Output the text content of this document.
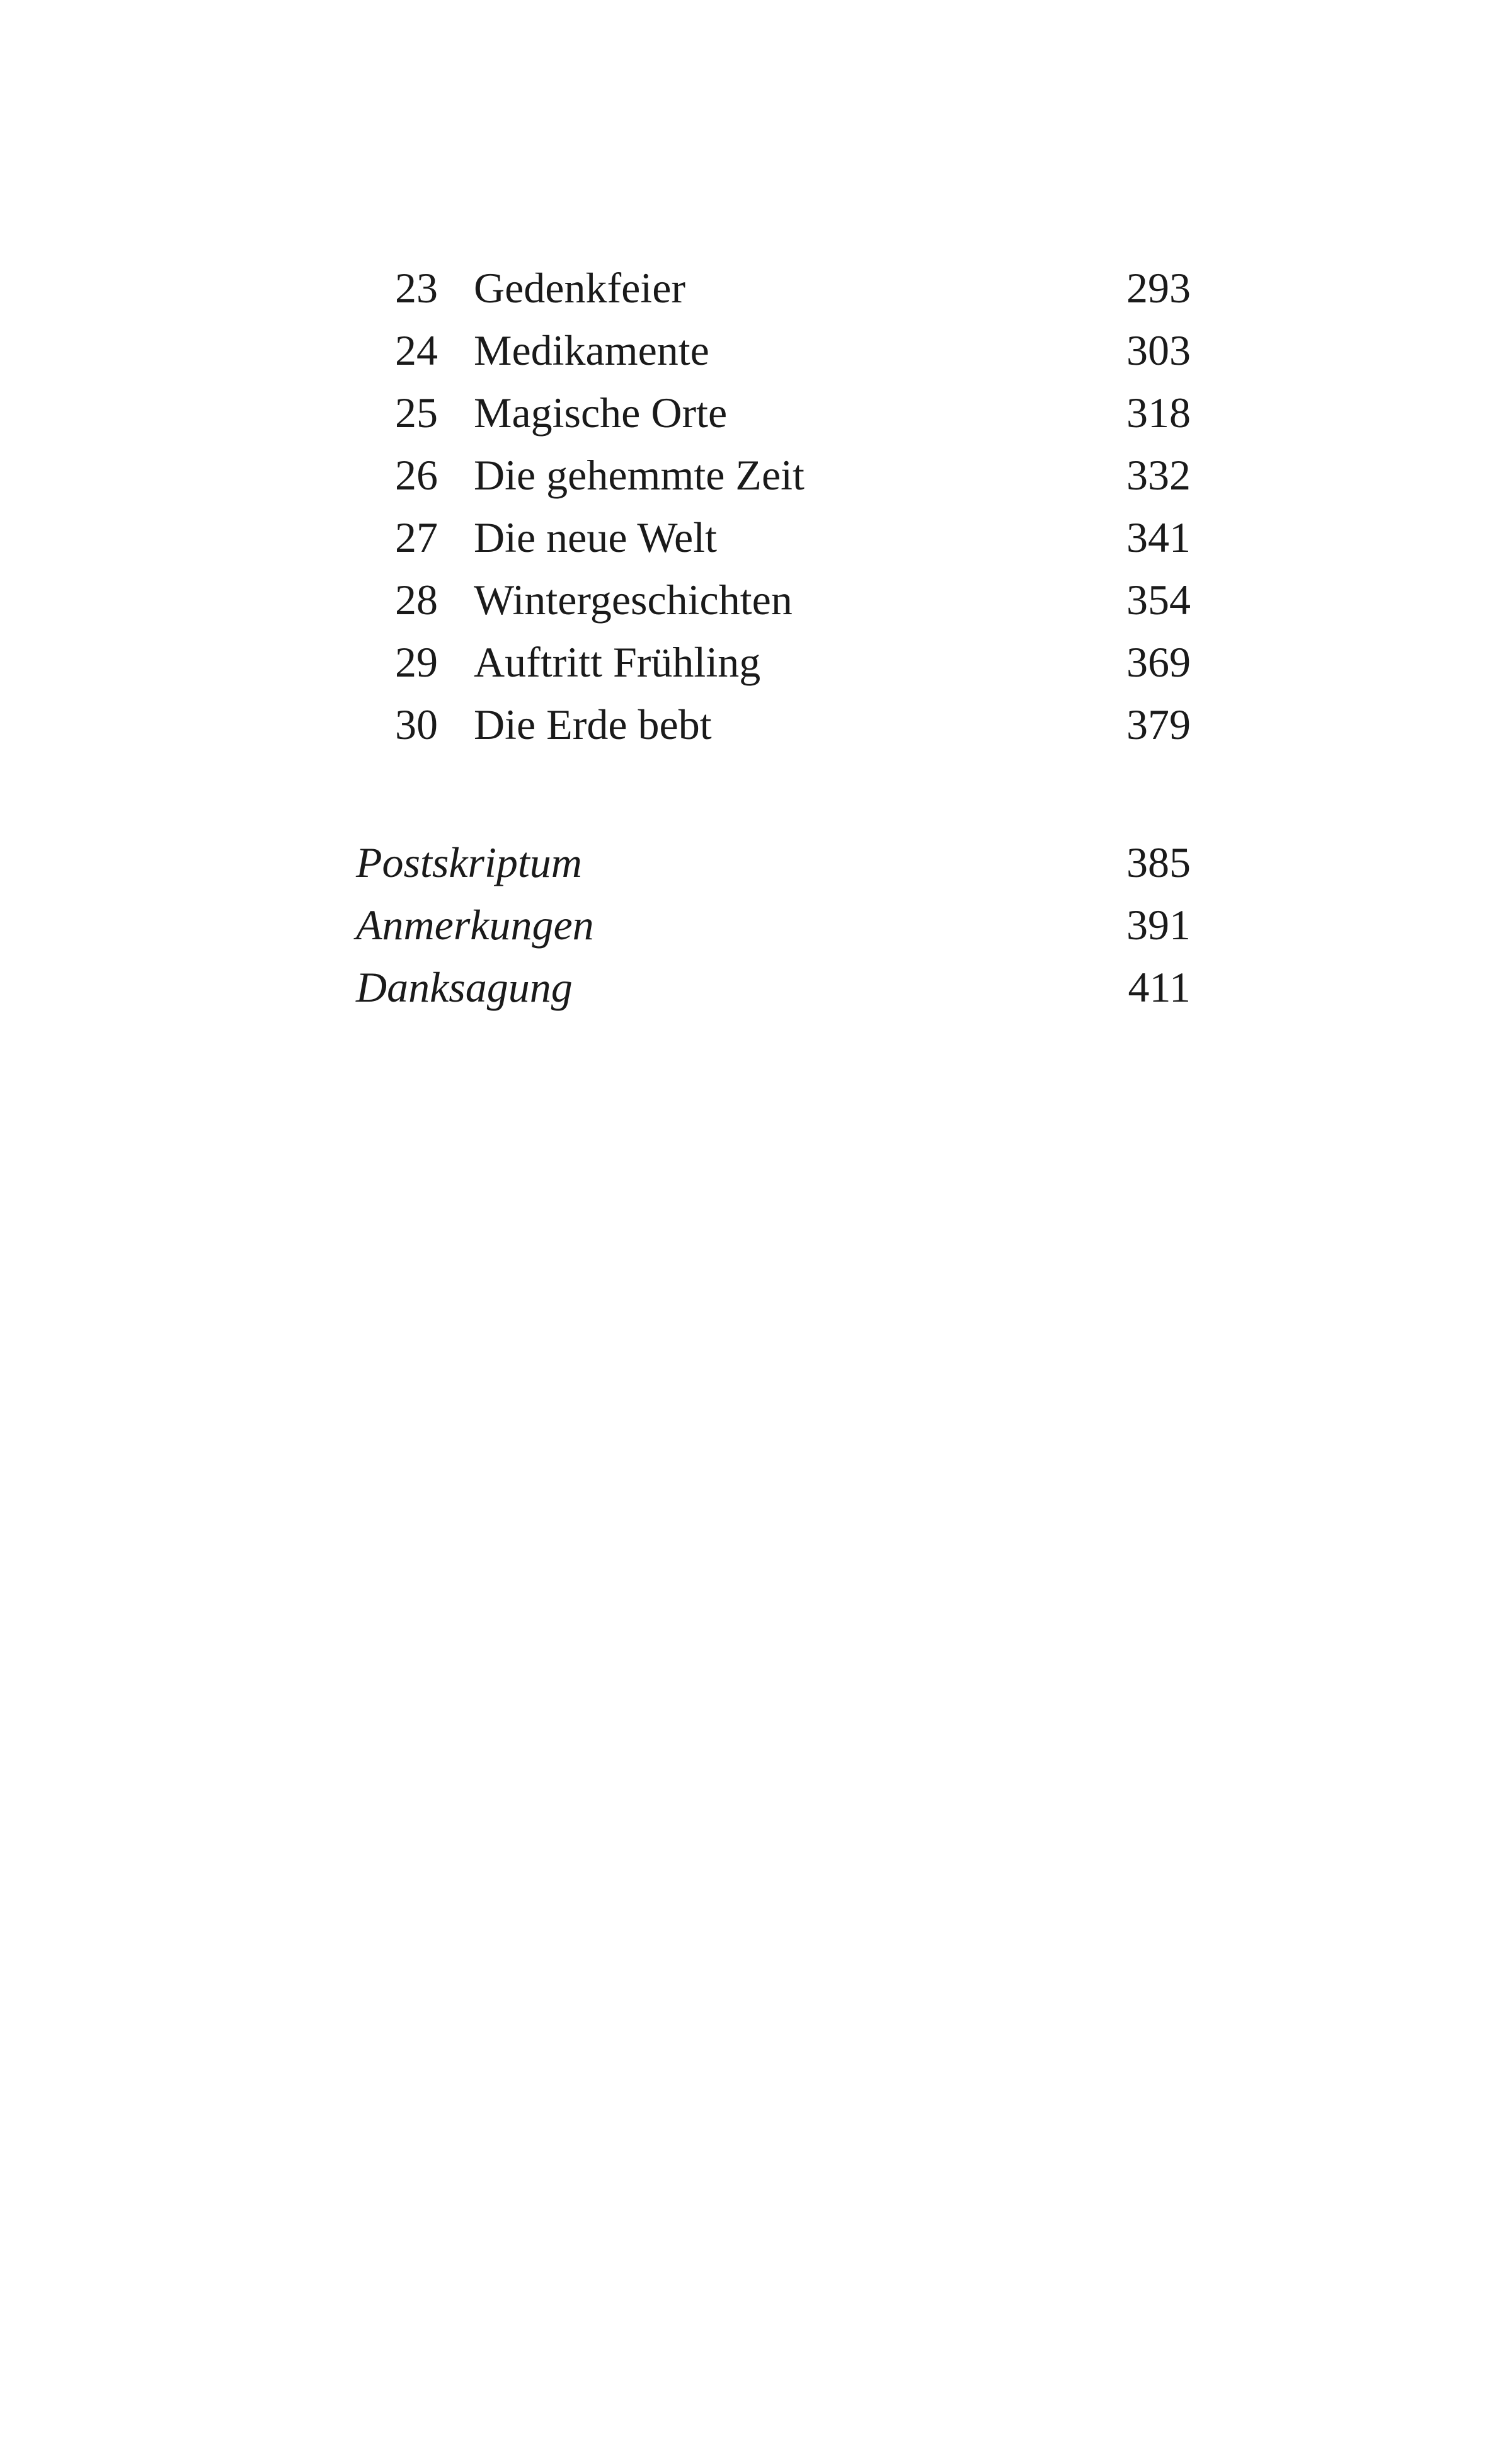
23 Gedenkfeier	293
24 Medikamente	303
25 Magische Orte	318
26 Die gehemmte Zeit	332
27 Die neue Welt	341
28 Wintergeschichten	354
29 Auftritt Frühling	369
30 Die Erde bebt	379
Postskriptum	385
Anmerkungen	391
Danksagung	411
